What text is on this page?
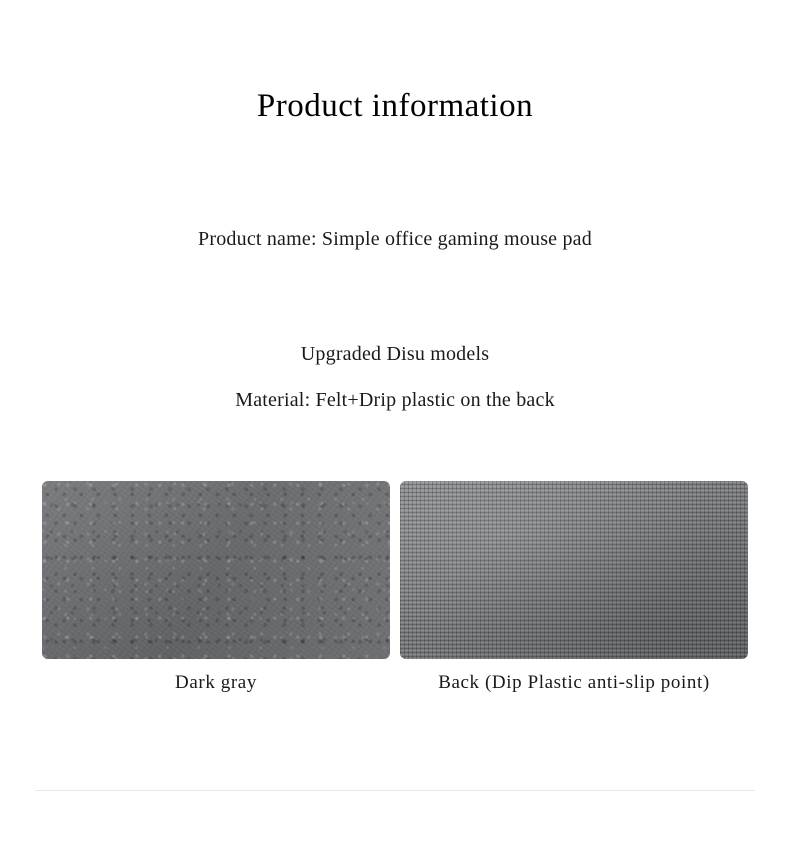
Product information
Product name: Simple office gaming mouse pad
Upgraded Disu models
Material: Felt+Drip plastic on the back
Dark gray	Back (Dip Plastic anti-slip point)
